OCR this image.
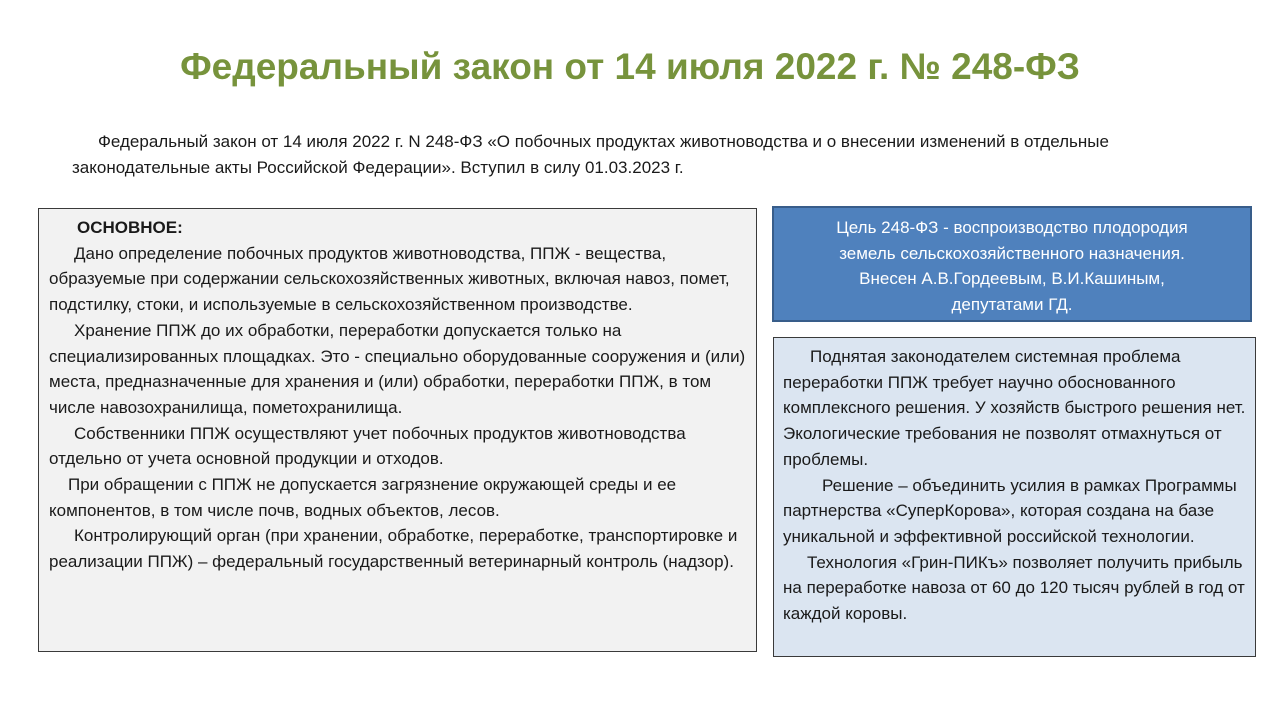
Федеральный закон от 14 июля 2022 г. № 248-ФЗ
Федеральный закон от 14 июля 2022 г. N 248-ФЗ «О побочных продуктах животноводства и о внесении изменений в отдельные законодательные акты Российской Федерации». Вступил в силу 01.03.2023 г.
ОСНОВНОЕ:

Дано определение побочных продуктов животноводства, ППЖ - вещества, образуемые при содержании сельскохозяйственных животных, включая навоз, помет, подстилку, стоки, и используемые в сельскохозяйственном производстве.

Хранение ППЖ до их обработки, переработки допускается только на специализированных площадках. Это - специально оборудованные сооружения и (или) места, предназначенные для хранения и (или) обработки, переработки ППЖ, в том числе навозохранилища, пометохранилища.

Собственники ППЖ осуществляют учет побочных продуктов животноводства отдельно от учета основной продукции и отходов.

При обращении с ППЖ не допускается загрязнение окружающей среды и ее компонентов, в том числе почв, водных объектов, лесов.

Контролирующий орган (при хранении, обработке, переработке, транспортировке и реализации ППЖ) – федеральный государственный ветеринарный контроль (надзор).

Цель 248-ФЗ - воспроизводство плодородия
земель сельскохозяйственного назначения.
Внесен А.В.Гордеевым, В.И.Кашиным,
депутатами ГД.

Поднятая законодателем системная проблема переработки ППЖ требует научно обоснованного комплексного решения. У хозяйств быстрого решения нет. Экологические требования не позволят отмахнуться от проблемы.

Решение – объединить усилия в рамках Программы партнерства «СуперКорова», которая создана на базе уникальной и эффективной российской технологии.

Технология «Грин-ПИКъ» позволяет получить прибыль на переработке навоза от 60 до 120 тысяч рублей в год от каждой коровы.
